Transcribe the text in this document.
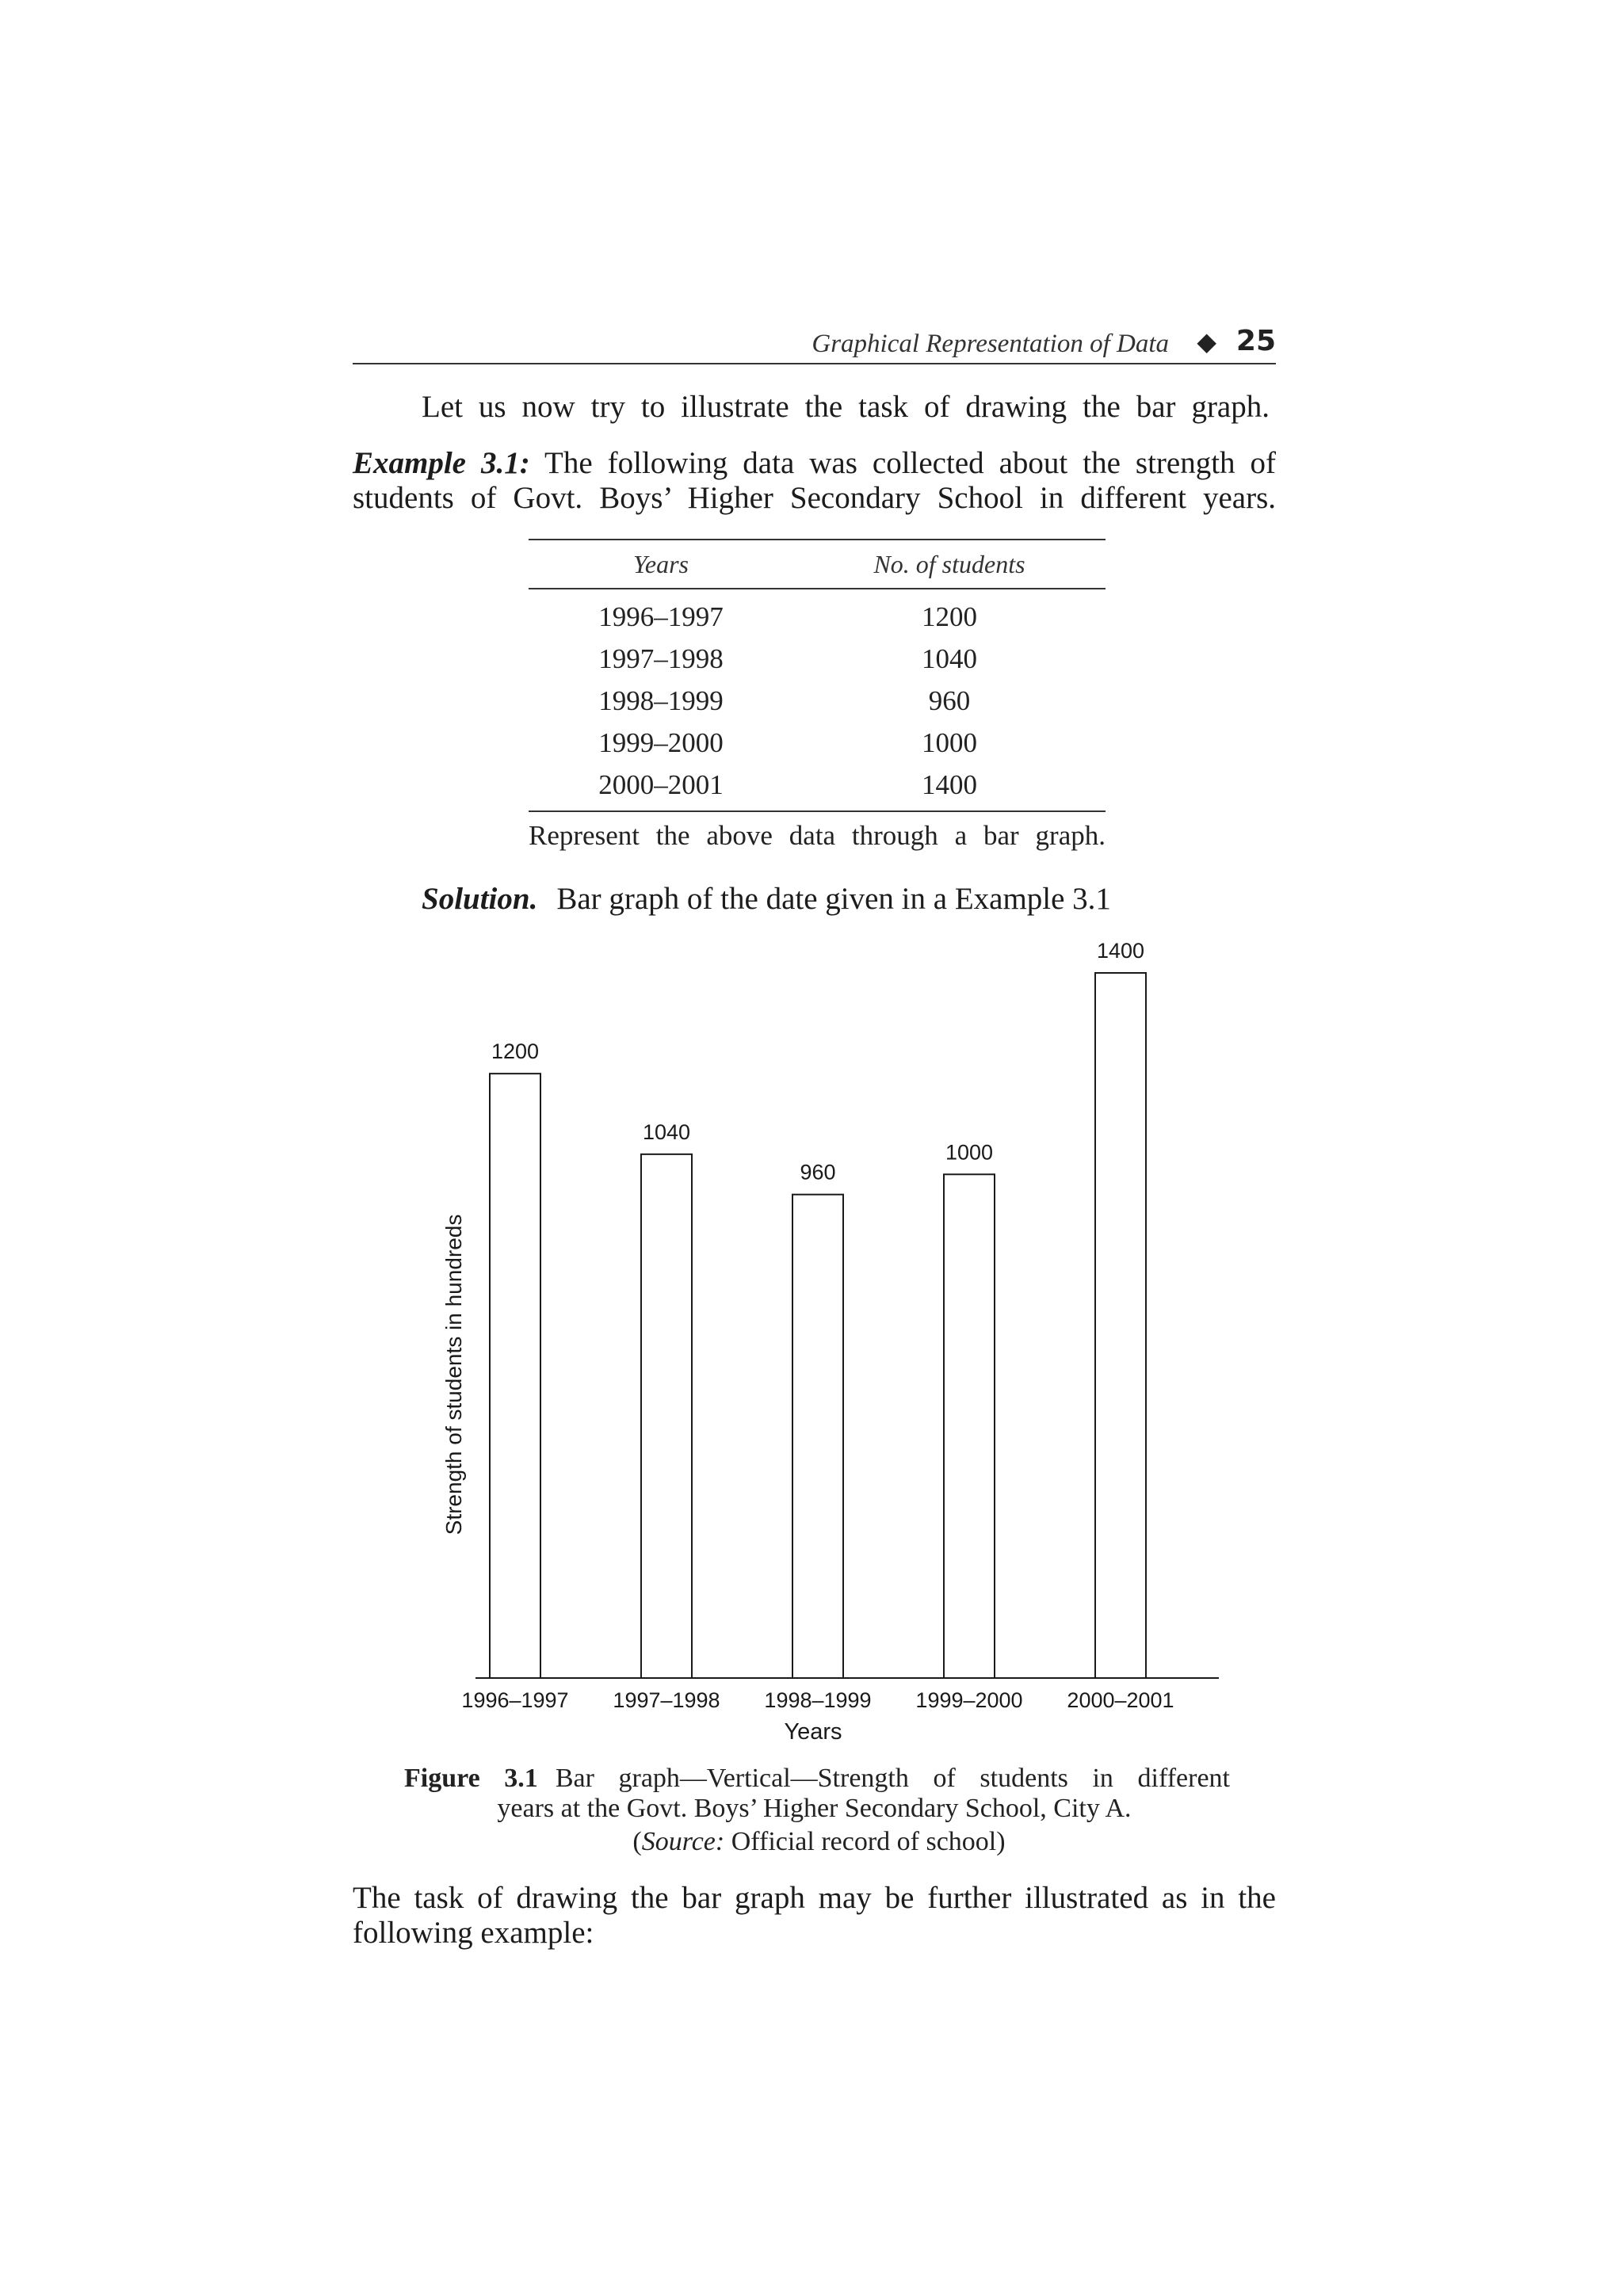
Graphical Representation of Data ◆ 25
Let us now try to illustrate the task of drawing the bar graph.
Example 3.1: The following data was collected about the strength of
students of Govt. Boys’ Higher Secondary School in different years.
Years	No. of students
1996–1997	1200
1997–1998	1040
1998–1999	960
1999–2000	1000
2000–2001	1400
Represent the above data through a bar graph.
Solution. Bar graph of the date given in a Example 3.1
1200
1996–1997
1040
1997–1998
960
1998–1999
1000
1999–2000
1400
2000–2001
Years
Strength of students in hundreds
Figure 3.1 Bar graph—Vertical—Strength of students in different
years at the Govt. Boys’ Higher Secondary School, City A.
(Source: Official record of school)
The task of drawing the bar graph may be further illustrated as in the
following example:
